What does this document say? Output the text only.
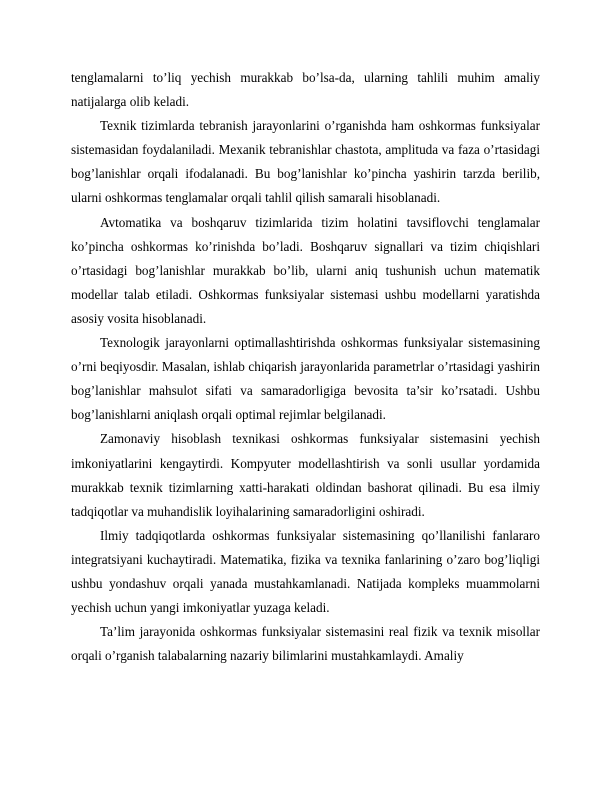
tenglamalarni to’liq yechish murakkab bo’lsa-da, ularning tahlili muhim amaliy natijalarga olib keladi.

Texnik tizimlarda tebranish jarayonlarini o’rganishda ham oshkormas funksiyalar sistemasidan foydalaniladi. Mexanik tebranishlar chastota, amplituda va faza o’rtasidagi bog’lanishlar orqali ifodalanadi. Bu bog’lanishlar ko’pincha yashirin tarzda berilib, ularni oshkormas tenglamalar orqali tahlil qilish samarali hisoblanadi.

Avtomatika va boshqaruv tizimlarida tizim holatini tavsiflovchi tenglamalar ko’pincha oshkormas ko’rinishda bo’ladi. Boshqaruv signallari va tizim chiqishlari o’rtasidagi bog’lanishlar murakkab bo’lib, ularni aniq tushunish uchun matematik modellar talab etiladi. Oshkormas funksiyalar sistemasi ushbu modellarni yaratishda asosiy vosita hisoblanadi.

Texnologik jarayonlarni optimallashtirishda oshkormas funksiyalar sistemasining o’rni beqiyosdir. Masalan, ishlab chiqarish jarayonlarida parametrlar o’rtasidagi yashirin bog’lanishlar mahsulot sifati va samaradorligiga bevosita ta’sir ko’rsatadi. Ushbu bog’lanishlarni aniqlash orqali optimal rejimlar belgilanadi.

Zamonaviy hisoblash texnikasi oshkormas funksiyalar sistemasini yechish imkoniyatlarini kengaytirdi. Kompyuter modellashtirish va sonli usullar yordamida murakkab texnik tizimlarning xatti-harakati oldindan bashorat qilinadi. Bu esa ilmiy tadqiqotlar va muhandislik loyihalarining samaradorligini oshiradi.

Ilmiy tadqiqotlarda oshkormas funksiyalar sistemasining qo’llanilishi fanlararo integratsiyani kuchaytiradi. Matematika, fizika va texnika fanlarining o’zaro bog’liqligi ushbu yondashuv orqali yanada mustahkamlanadi. Natijada kompleks muammolarni yechish uchun yangi imkoniyatlar yuzaga keladi.

Ta’lim jarayonida oshkormas funksiyalar sistemasini real fizik va texnik misollar orqali o’rganish talabalarning nazariy bilimlarini mustahkamlaydi. Amaliy
